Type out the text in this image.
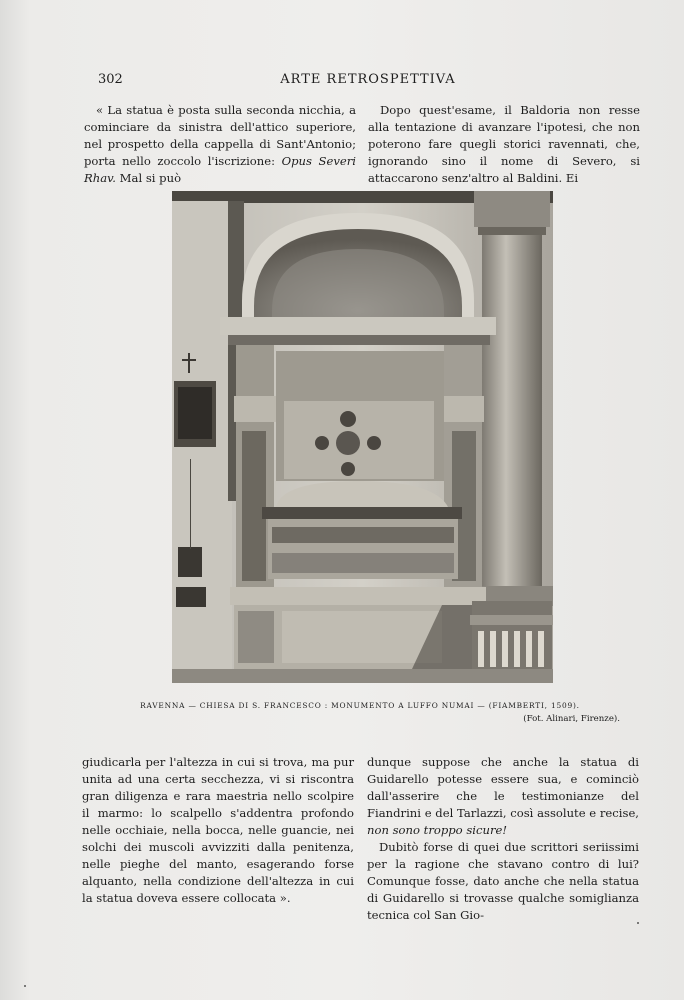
302	ARTE RETROSPETTIVA

« La statua è posta sulla seconda nicchia, a cominciare da sinistra dell'attico superiore, nel prospetto della cappella di Sant'Antonio; porta nello zoccolo l'iscrizione: Opus Severi Rhav. Mal si può

Dopo quest'esame, il Baldoria non resse alla tentazione di avanzare l'ipotesi, che non poterono fare quegli storici ravennati, che, ignorando sino il nome di Severo, si attaccarono senz'altro al Baldini. Ei

RAVENNA — CHIESA DI S. FRANCESCO : MONUMENTO A LUFFO NUMAI — (FIAMBERTI, 1509).
(Fot. Alinari, Firenze).

giudicarla per l'altezza in cui si trova, ma pur unita ad una certa secchezza, vi si riscontra gran diligenza e rara maestria nello scolpire il marmo: lo scalpello s'addentra profondo nelle occhiaie, nella bocca, nelle guancie, nei solchi dei muscoli avvizziti dalla penitenza, nelle pieghe del manto, esagerando forse alquanto, nella condizione dell'altezza in cui la statua doveva essere collocata ».

dunque suppose che anche la statua di Guidarello potesse essere sua, e cominciò dall'asserire che le testimonianze del Fiandrini e del Tarlazzi, così assolute e recise, non sono troppo sicure!

Dubitò forse di quei due scrittori seriissimi per la ragione che stavano contro di lui? Comunque fosse, dato anche che nella statua di Guidarello si trovasse qualche somiglianza tecnica col San Gio-
